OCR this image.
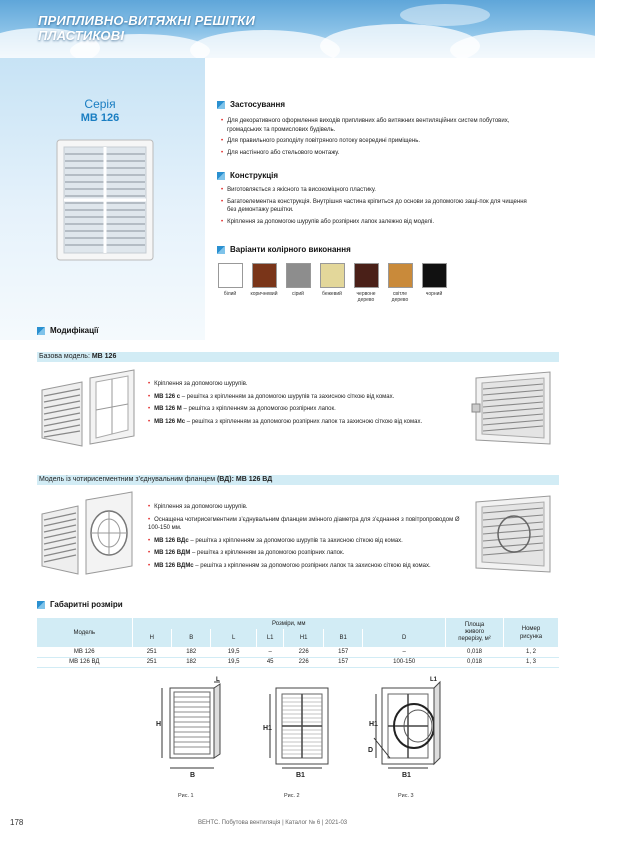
ПРИПЛИВНО-ВИТЯЖНІ РЕШІТКИ
ПЛАСТИКОВІ
Серія
МВ 126
Застосування
• Для декоративного оформлення виходів припливних або витяжних вентиляційних систем побутових, громадських та промислових будівель.
• Для правильного розподілу повітряного потоку всередині приміщень.
• Для настінного або стельового монтажу.
Конструкція
• Виготовляється з якісного та високоміцного пластику.
• Багатоелементна конструкція. Внутрішня частина кріпиться до основи за допомогою защі-пок для чищення без демонтажу решітки.
• Кріплення за допомогою шурупів або розпірних лапок залежно від моделі.
Варіанти колірного виконання
білий	коричневий	сірий	бежевий	червоне
дерево
світле
дерево
чорний

Модифікації
Базова модель: МВ 126
• Кріплення за допомогою шурупів.
• МВ 126 с – решітка з кріпленням за допомогою шурупів та захисною сіткою від комах.
• МВ 126 М – решітка з кріпленням за допомогою розпірних лапок.
• МВ 126 Мс – решітка з кріпленням за допомогою розпірних лапок та захисною сіткою від комах.
Модель із чотирисегментним з’єднувальним фланцем (ВД): МВ 126 ВД
• Кріплення за допомогою шурупів.
• Оснащена чотирисегментним з’єднувальним фланцем змінного діаметра для з’єднання з повітропроводом Ø 100-150 мм.
• МВ 126 ВДс – решітка з кріпленням за допомогою шурупів та захисною сіткою від комах.
• МВ 126 ВДМ – решітка з кріпленням за допомогою розпірних лапок.
• МВ 126 ВДМс – решітка з кріпленням за допомогою розпірних лапок та захисною сіткою від комах.
Габаритні розміри
Модель	Розміри, мм							Площа
живого
перерізу, м²	Номер
рисунка
	H	B	L	L1	H1	B1	D		
МВ 126	251	182	19,5	–	226	157	–	0,018	1, 2
МВ 126 ВД	251	182	19,5	45	226	157	100-150	0,018	1, 3
H
B
L
Рис. 1
H1
B1
Рис. 2
H1
B1
D
L1
Рис. 3
178	ВЕНТС. Побутова вентиляція | Каталог № 6 | 2021-03
